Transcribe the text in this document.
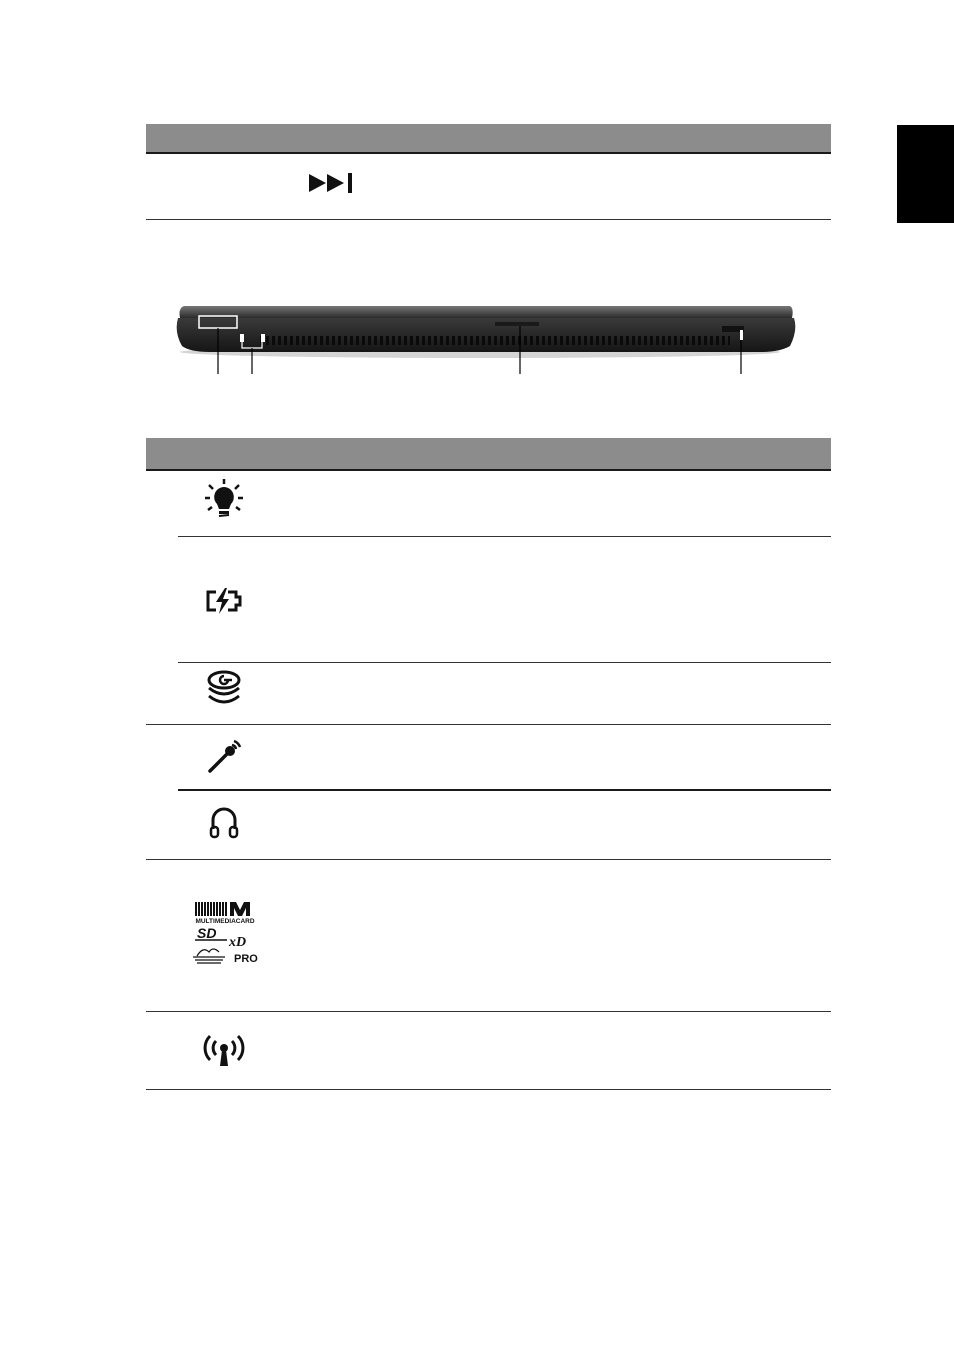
MULTIMEDIACARD
SD
xD
PRO
